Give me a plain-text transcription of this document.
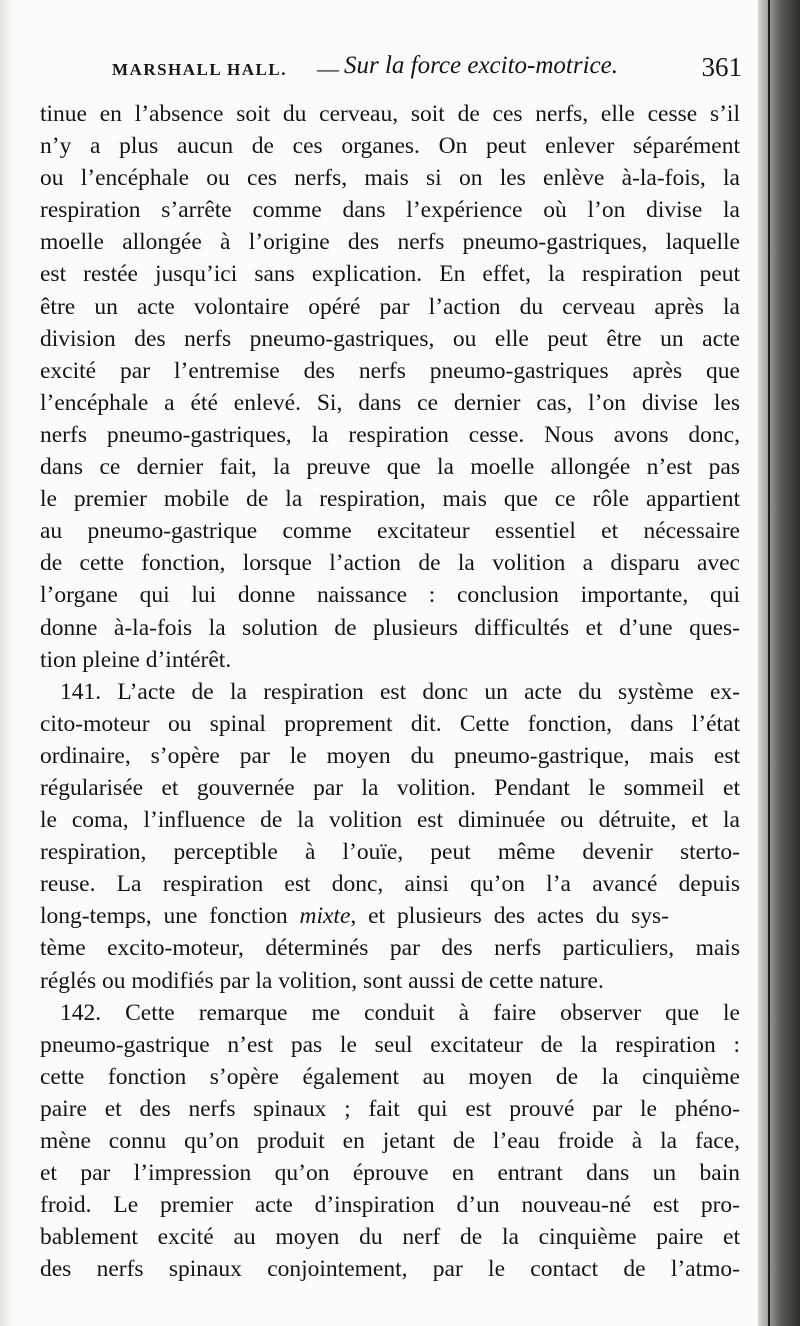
MARSHALL HALL. — Sur la force excito-motrice.	361
tinue en l’absence soit du cerveau, soit de ces nerfs, elle cesse s’il
n’y a plus aucun de ces organes. On peut enlever séparément
ou l’encéphale ou ces nerfs, mais si on les enlève à-la-fois, la
respiration s’arrête comme dans l’expérience où l’on divise la
moelle allongée à l’origine des nerfs pneumo-gastriques, laquelle
est restée jusqu’ici sans explication. En effet, la respiration peut
être un acte volontaire opéré par l’action du cerveau après la
division des nerfs pneumo-gastriques, ou elle peut être un acte
excité par l’entremise des nerfs pneumo-gastriques après que
l’encéphale a été enlevé. Si, dans ce dernier cas, l’on divise les
nerfs pneumo-gastriques, la respiration cesse. Nous avons donc,
dans ce dernier fait, la preuve que la moelle allongée n’est pas
le premier mobile de la respiration, mais que ce rôle appartient
au pneumo-gastrique comme excitateur essentiel et nécessaire
de cette fonction, lorsque l’action de la volition a disparu avec
l’organe qui lui donne naissance : conclusion importante, qui
donne à-la-fois la solution de plusieurs difficultés et d’une ques-
tion pleine d’intérêt.
141. L’acte de la respiration est donc un acte du système ex-
cito-moteur ou spinal proprement dit. Cette fonction, dans l’état
ordinaire, s’opère par le moyen du pneumo-gastrique, mais est
régularisée et gouvernée par la volition. Pendant le sommeil et
le coma, l’influence de la volition est diminuée ou détruite, et la
respiration, perceptible à l’ouïe, peut même devenir sterto-
reuse. La respiration est donc, ainsi qu’on l’a avancé depuis
long-temps, une fonction mixte, et plusieurs des actes du sys-
tème excito-moteur, déterminés par des nerfs particuliers, mais
réglés ou modifiés par la volition, sont aussi de cette nature.
142. Cette remarque me conduit à faire observer que le
pneumo-gastrique n’est pas le seul excitateur de la respiration :
cette fonction s’opère également au moyen de la cinquième
paire et des nerfs spinaux ; fait qui est prouvé par le phéno-
mène connu qu’on produit en jetant de l’eau froide à la face,
et par l’impression qu’on éprouve en entrant dans un bain
froid. Le premier acte d’inspiration d’un nouveau-né est pro-
bablement excité au moyen du nerf de la cinquième paire et
des nerfs spinaux conjointement, par le contact de l’atmo-
